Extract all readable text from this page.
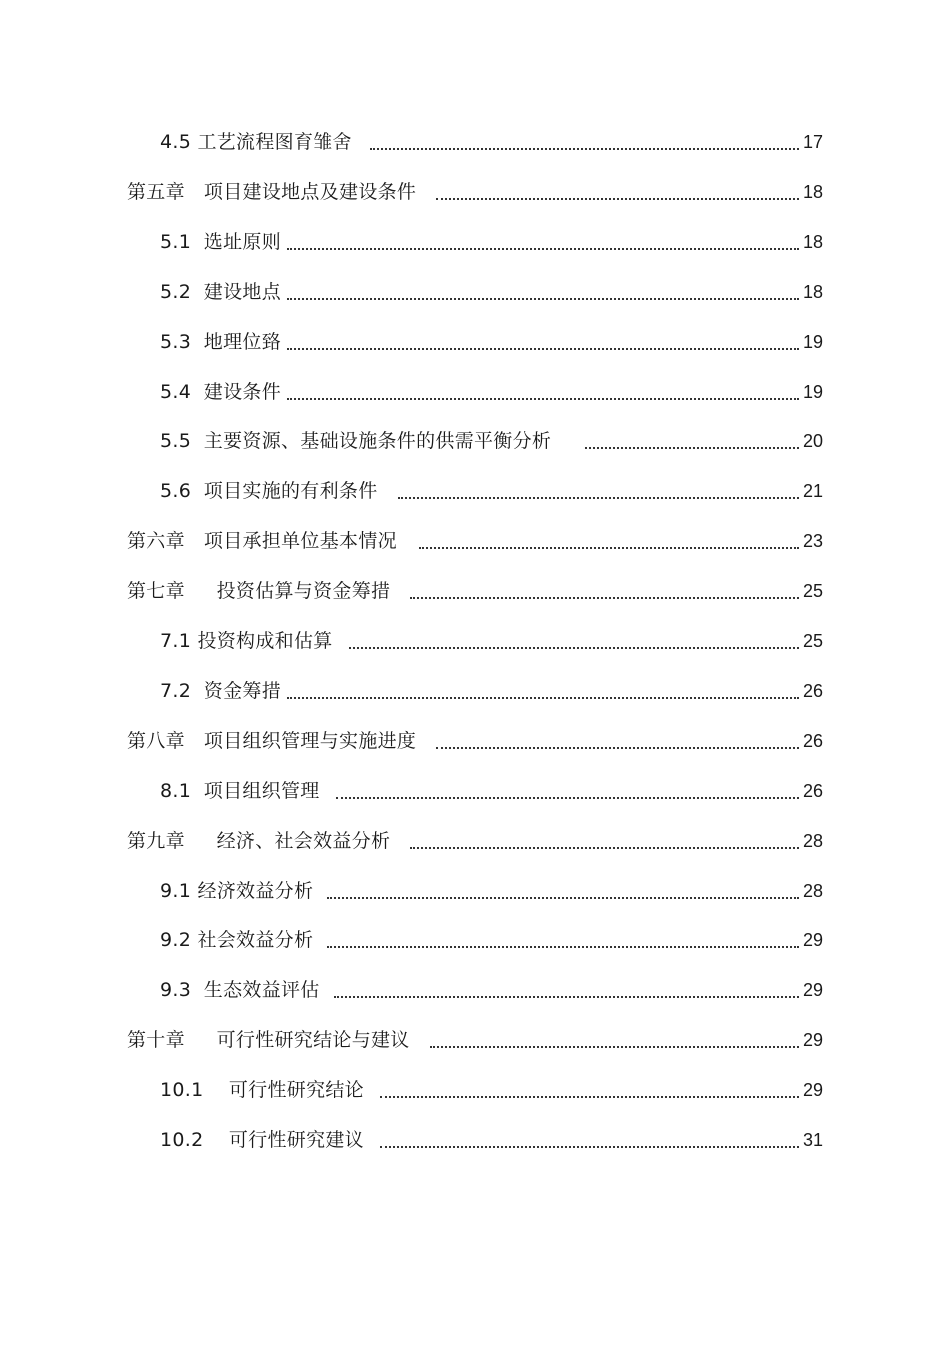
4.5 工艺流程图育雏舍	17
第五章   项目建设地点及建设条件	18
5.1  选址原则	18
5.2  建设地点	18
5.3  地理位臵	19
5.4  建设条件	19
5.5  主要资源、基础设施条件的供需平衡分析	20
5.6  项目实施的有利条件	21
第六章   项目承担单位基本情况	23
第七章     投资估算与资金筹措	25
7.1 投资构成和估算	25
7.2  资金筹措	26
第八章   项目组织管理与实施进度	26
8.1  项目组织管理	26
第九章     经济、社会效益分析	28
9.1 经济效益分析	28
9.2 社会效益分析	29
9.3  生态效益评估	29
第十章     可行性研究结论与建议	29
10.1    可行性研究结论	29
10.2    可行性研究建议	31
